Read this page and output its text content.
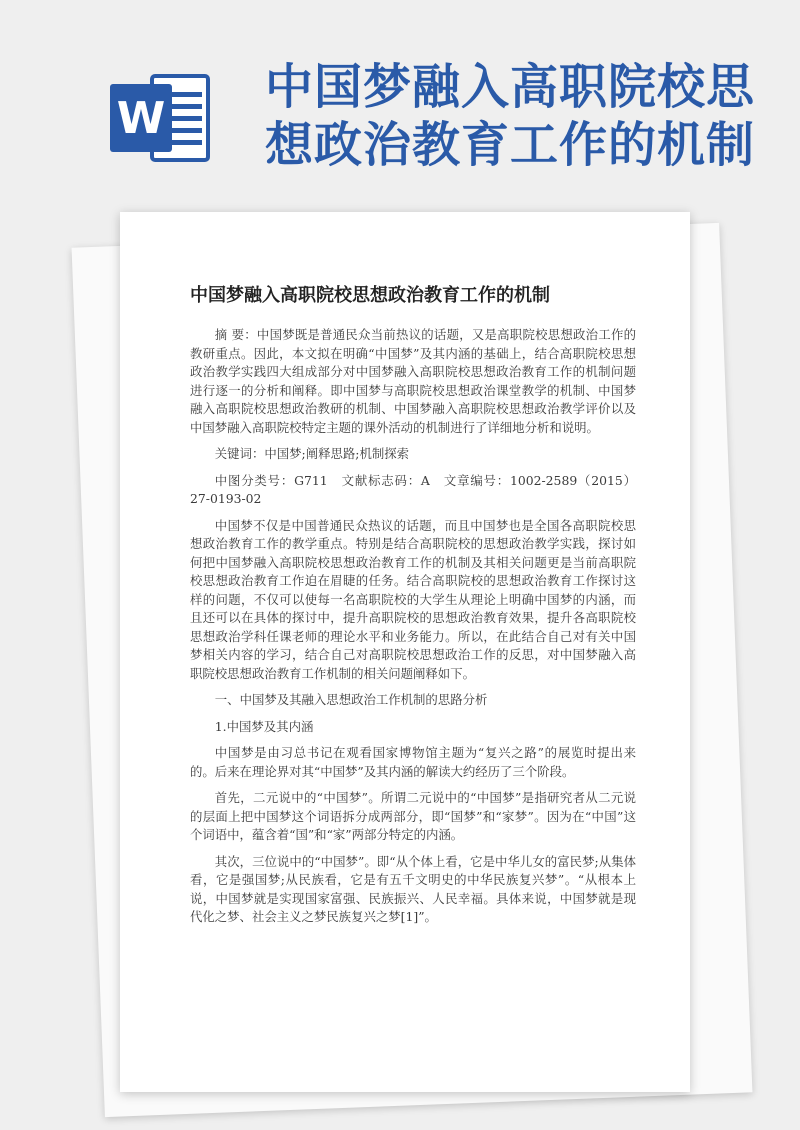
W
中国梦融入高职院校思想政治教育工作的机制
中国梦融入高职院校思想政治教育工作的机制

摘 要：中国梦既是普通民众当前热议的话题，又是高职院校思想政治工作的教研重点。因此，本文拟在明确“中国梦”及其内涵的基础上，结合高职院校思想政治教学实践四大组成部分对中国梦融入高职院校思想政治教育工作的机制问题进行逐一的分析和阐释。即中国梦与高职院校思想政治课堂教学的机制、中国梦融入高职院校思想政治教研的机制、中国梦融入高职院校思想政治教学评价以及中国梦融入高职院校特定主题的课外活动的机制进行了详细地分析和说明。

关键词：中国梦;阐释思路;机制探索

中图分类号：G711　文献标志码：A　文章编号：1002-2589（2015）27-0193-02

中国梦不仅是中国普通民众热议的话题，而且中国梦也是全国各高职院校思想政治教育工作的教学重点。特别是结合高职院校的思想政治教学实践，探讨如何把中国梦融入高职院校思想政治教育工作的机制及其相关问题更是当前高职院校思想政治教育工作迫在眉睫的任务。结合高职院校的思想政治教育工作探讨这样的问题，不仅可以使每一名高职院校的大学生从理论上明确中国梦的内涵，而且还可以在具体的探讨中，提升高职院校的思想政治教育效果，提升各高职院校思想政治学科任课老师的理论水平和业务能力。所以，在此结合自己对有关中国梦相关内容的学习，结合自己对高职院校思想政治工作的反思，对中国梦融入高职院校思想政治教育工作机制的相关问题阐释如下。

一、中国梦及其融入思想政治工作机制的思路分析

1.中国梦及其内涵

中国梦是由习总书记在观看国家博物馆主题为“复兴之路”的展览时提出来的。后来在理论界对其“中国梦”及其内涵的解读大约经历了三个阶段。

首先，二元说中的“中国梦”。所谓二元说中的“中国梦”是指研究者从二元说的层面上把中国梦这个词语拆分成两部分，即“国梦”和“家梦”。因为在“中国”这个词语中，蕴含着“国”和“家”两部分特定的内涵。

其次，三位说中的“中国梦”。即“从个体上看，它是中华儿女的富民梦;从集体看，它是强国梦;从民族看，它是有五千文明史的中华民族复兴梦”。“从根本上说，中国梦就是实现国家富强、民族振兴、人民幸福。具体来说，中国梦就是现代化之梦、社会主义之梦民族复兴之梦[1]”。
